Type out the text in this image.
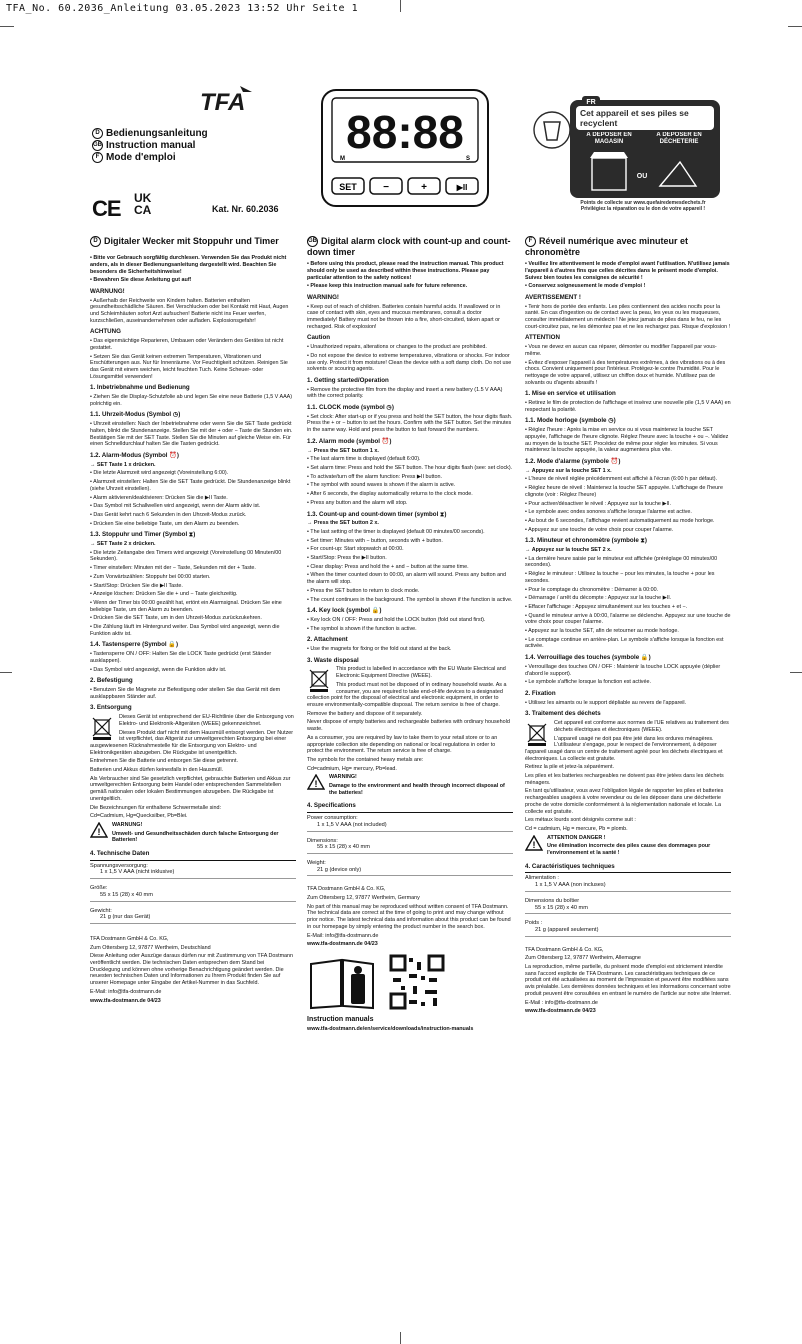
TFA_No. 60.2036_Anleitung 03.05.2023 13:52 Uhr Seite 1
TFA
D Bedienungsanleitung
GB Instruction manual
F Mode d'emploi
CE UK
CA	Kat. Nr. 60.2036
88:88
M	S
SET	−	+	▶II
FR
Cet appareil et ses piles se recyclent
À DÉPOSER EN MAGASIN
À DÉPOSER EN DÉCHETERIE
OU
Points de collecte sur www.quefairedemesdechets.fr
Privilégiez la réparation ou le don de votre appareil !
D Digitaler Wecker mit Stoppuhr und Timer

• Bitte vor Gebrauch sorgfältig durchlesen. Verwenden Sie das Produkt nicht anders, als in dieser Bedienungsanleitung dargestellt wird. Beachten Sie besonders die Sicherheitshinweise!

• Bewahren Sie diese Anleitung gut auf!

WARNUNG!

• Außerhalb der Reichweite von Kindern halten. Batterien enthalten gesundheitsschädliche Säuren. Bei Verschlucken oder bei Kontakt mit Haut, Augen und Schleimhäuten sofort Arzt aufsuchen! Batterie nicht ins Feuer werfen, kurzschließen, auseinandernehmen oder aufladen. Explosionsgefahr!

ACHTUNG

• Das eigenmächtige Reparieren, Umbauen oder Verändern des Gerätes ist nicht gestattet.

• Setzen Sie das Gerät keinen extremen Temperaturen, Vibrationen und Erschütterungen aus. Nur für Innenräume. Vor Feuchtigkeit schützen. Reinigen Sie das Gerät mit einem weichen, leicht feuchten Tuch. Keine Scheuer- oder Lösungsmittel verwenden!

1. Inbetriebnahme und Bedienung

• Ziehen Sie die Display-Schutzfolie ab und legen Sie eine neue Batterie (1,5 V AAA) polrichtig ein.

1.1. Uhrzeit-Modus (Symbol ◷)

• Uhrzeit einstellen: Nach der Inbetriebnahme oder wenn Sie die SET Taste gedrückt halten, blinkt die Stundenanzeige. Stellen Sie mit der + oder − Taste die Stunden ein. Bestätigen Sie mit der SET Taste. Stellen Sie die Minuten auf gleiche Weise ein. Für einen Schnelldurchlauf halten Sie die Tasten gedrückt.

1.2. Alarm-Modus (Symbol ⏰)

→ SET Taste 1 x drücken.

• Die letzte Alarmzeit wird angezeigt (Voreinstellung 6:00).

• Alarmzeit einstellen: Halten Sie die SET Taste gedrückt. Die Stundenanzeige blinkt (siehe Uhrzeit einstellen).

• Alarm aktivieren/deaktivieren: Drücken Sie die ▶II Taste.

• Das Symbol mit Schallwellen wird angezeigt, wenn der Alarm aktiv ist.

• Das Gerät kehrt nach 6 Sekunden in den Uhrzeit-Modus zurück.

• Drücken Sie eine beliebige Taste, um den Alarm zu beenden.

1.3. Stoppuhr und Timer (Symbol ⧗)

→ SET Taste 2 x drücken.

• Die letzte Zeitangabe des Timers wird angezeigt (Voreinstellung 00 Minuten/00 Sekunden).

• Timer einstellen: Minuten mit der − Taste, Sekunden mit der + Taste.

• Zum Vorwärtszählen: Stoppuhr bei 00:00 starten.

• Start/Stop: Drücken Sie die ▶II Taste.

• Anzeige löschen: Drücken Sie die + und − Taste gleichzeitig.

• Wenn der Timer bis 00:00 gezählt hat, ertönt ein Alarmsignal. Drücken Sie eine beliebige Taste, um den Alarm zu beenden.

• Drücken Sie die SET Taste, um in den Uhrzeit-Modus zurückzukehren.

• Die Zählung läuft im Hintergrund weiter. Das Symbol wird angezeigt, wenn die Funktion aktiv ist.

1.4. Tastensperre (Symbol 🔒)

• Tastensperre ON / OFF: Halten Sie die LOCK Taste gedrückt (erst Ständer ausklappen).

• Das Symbol wird angezeigt, wenn die Funktion aktiv ist.

2. Befestigung

• Benutzen Sie die Magnete zur Befestigung oder stellen Sie das Gerät mit dem ausklappbaren Ständer auf.

3. Entsorgung

Dieses Gerät ist entsprechend der EU-Richtlinie über die Entsorgung von Elektro- und Elektronik-Altgeräten (WEEE) gekennzeichnet.

Dieses Produkt darf nicht mit dem Hausmüll entsorgt werden. Der Nutzer ist verpflichtet, das Altgerät zur umweltgerechten Entsorgung bei einer ausgewiesenen Rücknahmestelle für die Entsorgung von Elektro- und Elektronikgeräten abzugeben. Die Rückgabe ist unentgeltlich.

Entnehmen Sie die Batterie und entsorgen Sie diese getrennt.

Batterien und Akkus dürfen keinesfalls in den Hausmüll.

Als Verbraucher sind Sie gesetzlich verpflichtet, gebrauchte Batterien und Akkus zur umweltgerechten Entsorgung beim Handel oder entsprechenden Sammelstellen gemäß nationalen oder lokalen Bestimmungen abzugeben. Die Rückgabe ist unentgeltlich.

Die Bezeichnungen für enthaltene Schwermetalle sind:

Cd=Cadmium, Hg=Quecksilber, Pb=Blei.

!

WARNUNG!

Umwelt- und Gesundheitsschäden durch falsche Entsorgung der Batterien!

4. Technische Daten
Spannungsversorgung:
1 x 1,5 V AAA (nicht inklusive)
Größe:
55 x 15 (28) x 40 mm
Gewicht:
21 g (nur das Gerät)

TFA Dostmann GmbH & Co. KG,

Zum Ottersberg 12, 97877 Wertheim, Deutschland

Diese Anleitung oder Auszüge daraus dürfen nur mit Zustimmung von TFA Dostmann veröffentlicht werden. Die technischen Daten entsprechen dem Stand bei Drucklegung und können ohne vorherige Benachrichtigung geändert werden. Die neuesten technischen Daten und Informationen zu Ihrem Produkt finden Sie auf unserer Homepage unter Eingabe der Artikel-Nummer in das Suchfeld.

E-Mail: info@tfa-dostmann.de

www.tfa-dostmann.de 04/23

GB Digital alarm clock with count-up and count-down timer

• Before using this product, please read the instruction manual. This product should only be used as described within these instructions. Please pay particular attention to the safety notices!

• Please keep this instruction manual safe for future reference.

WARNING!

• Keep out of reach of children. Batteries contain harmful acids. If swallowed or in case of contact with skin, eyes and mucous membranes, consult a doctor immediately! Battery must not be thrown into a fire, short-circuited, taken apart or recharged. Risk of explosion!

Caution

• Unauthorized repairs, alterations or changes to the product are prohibited.

• Do not expose the device to extreme temperatures, vibrations or shocks. For indoor use only. Protect it from moisture! Clean the device with a soft damp cloth. Do not use solvents or scouring agents.

1. Getting started/Operation

• Remove the protective film from the display and insert a new battery (1.5 V AAA) with the correct polarity.

1.1. CLOCK mode (symbol ◷)

• Set clock: After start-up or if you press and hold the SET button, the hour digits flash. Press the + or − button to set the hours. Confirm with the SET button. Set the minutes in the same way. Hold and press the button to fast forward the numbers.

1.2. Alarm mode (symbol ⏰)

→ Press the SET button 1 x.

• The last alarm time is displayed (default 6:00).

• Set alarm time: Press and hold the SET button. The hour digits flash (see: set clock).

• To activate/turn off the alarm function: Press ▶II button.

• The symbol with sound waves is shown if the alarm is active.

• After 6 seconds, the display automatically returns to the clock mode.

• Press any button and the alarm will stop.

1.3. Count-up and count-down timer (symbol ⧗)

→ Press the SET button 2 x.

• The last setting of the timer is displayed (default 00 minutes/00 seconds).

• Set timer: Minutes with − button, seconds with + button.

• For count-up: Start stopwatch at 00:00.

• Start/Stop: Press the ▶II button.

• Clear display: Press and hold the + and − button at the same time.

• When the timer counted down to 00:00, an alarm will sound. Press any button and the alarm will stop.

• Press the SET button to return to clock mode.

• The count continues in the background. The symbol is shown if the function is active.

1.4. Key lock (symbol 🔒)

• Key lock ON / OFF: Press and hold the LOCK button (fold out stand first).

• The symbol is shown if the function is active.

2. Attachment

• Use the magnets for fixing or the fold out stand at the back.

3. Waste disposal

This product is labelled in accordance with the EU Waste Electrical and Electronic Equipment Directive (WEEE).

This product must not be disposed of in ordinary household waste. As a consumer, you are required to take end-of-life devices to a designated collection point for the disposal of electrical and electronic equipment, in order to ensure environmentally-compatible disposal. The return service is free of charge.

Remove the battery and dispose of it separately.

Never dispose of empty batteries and rechargeable batteries with ordinary household waste.

As a consumer, you are required by law to take them to your retail store or to an appropriate collection site depending on national or local regulations in order to protect the environment. The return service is free of charge.

The symbols for the contained heavy metals are:

Cd=cadmium, Hg= mercury, Pb=lead.

!

WARNING!

Damage to the environment and health through incorrect disposal of the batteries!

4. Specifications
Power consumption:
1 x 1,5 V AAA (not included)
Dimensions:
55 x 15 (28) x 40 mm
Weight:
21 g (device only)

TFA Dostmann GmbH & Co. KG,

Zum Ottersberg 12, 97877 Wertheim, Germany

No part of this manual may be reproduced without written consent of TFA Dostmann. The technical data are correct at the time of going to print and may change without prior notice. The latest technical data and information about this product can be found in our homepage by simply entering the product number in the search box.

E-Mail: info@tfa-dostmann.de

www.tfa-dostmann.de 04/23

Instruction manuals

www.tfa-dostmann.de/en/service/downloads/instruction-manuals

F Réveil numérique avec minuteur et chronomètre

• Veuillez lire attentivement le mode d'emploi avant l'utilisation. N'utilisez jamais l'appareil à d'autres fins que celles décrites dans le présent mode d'emploi. Suivez bien toutes les consignes de sécurité !

• Conservez soigneusement le mode d'emploi !

AVERTISSEMENT !

• Tenir hors de portée des enfants. Les piles contiennent des acides nocifs pour la santé. En cas d'ingestion ou de contact avec la peau, les yeux ou les muqueuses, consulter immédiatement un médecin ! Ne jetez jamais de piles dans le feu, ne les court-circuitez pas, ne les démontez pas et ne les rechargez pas. Risque d'explosion !

ATTENTION

• Vous ne devez en aucun cas réparer, démonter ou modifier l'appareil par vous-même.

• Évitez d'exposer l'appareil à des températures extrêmes, à des vibrations ou à des chocs. Convient uniquement pour l'intérieur. Protégez-le contre l'humidité. Pour le nettoyage de votre appareil, utilisez un chiffon doux et humide. N'utilisez pas de solvants ou d'agents abrasifs !

1. Mise en service et utilisation

• Retirez le film de protection de l'affichage et insérez une nouvelle pile (1,5 V AAA) en respectant la polarité.

1.1. Mode horloge (symbole ◷)

• Réglez l'heure : Après la mise en service ou si vous maintenez la touche SET appuyée, l'affichage de l'heure clignote. Réglez l'heure avec la touche + ou −. Validez au moyen de la touche SET. Procédez de même pour régler les minutes. Si vous maintenez la touche appuyée, la valeur augmentera plus vite.

1.2. Mode d'alarme (symbole ⏰)

→ Appuyez sur la touche SET 1 x.

• L'heure de réveil réglée précédemment est affiché à l'écran (6:00 h par défaut).

• Réglez heure de réveil : Maintenez la touche SET appuyée. L'affichage de l'heure clignote (voir : Réglez l'heure)

• Pour activer/désactiver le réveil : Appuyez sur la touche ▶II.

• Le symbole avec ondes sonores s'affiche lorsque l'alarme est active.

• Au bout de 6 secondes, l'affichage revient automatiquement au mode horloge.

• Appuyez sur une touche de votre choix pour couper l'alarme.

1.3. Minuteur et chronomètre (symbole ⧗)

→ Appuyez sur la touche SET 2 x.

• La dernière heure saisie par le minuteur est affichée (préréglage 00 minutes/00 secondes).

• Réglez le minuteur : Utilisez la touche − pour les minutes, la touche + pour les secondes.

• Pour le comptage du chronomètre : Démarrer à 00:00.

• Démarrage / arrêt du décompte : Appuyez sur la touche ▶II.

• Effacer l'affichage : Appuyez simultanément sur les touches + et −.

• Quand le minuteur arrive à 00:00, l'alarme se déclenche. Appuyez sur une touche de votre choix pour couper l'alarme.

• Appuyez sur la touche SET, afin de retourner au mode horloge.

• Le comptage continue en arrière-plan. Le symbole s'affiche lorsque la fonction est activée.

1.4. Verrouillage des touches (symbole 🔒)

• Verrouillage des touches ON / OFF : Maintenir la touche LOCK appuyée (déplier d'abord le support).

• Le symbole s'affiche lorsque la fonction est activée.

2. Fixation

• Utilisez les aimants ou le support dépliable au revers de l'appareil.

3. Traitement des déchets

Cet appareil est conforme aux normes de l'UE relatives au traitement des déchets électriques et électroniques (WEEE).

L'appareil usagé ne doit pas être jeté dans les ordures ménagères. L'utilisateur s'engage, pour le respect de l'environnement, à déposer l'appareil usagé dans un centre de traitement agréé pour les déchets électriques et électroniques. La collecte est gratuite.

Retirez la pile et jetez-la séparément.

Les piles et les batteries rechargeables ne doivent pas être jetées dans les déchets ménagers.

En tant qu'utilisateur, vous avez l'obligation légale de rapporter les piles et batteries rechargeables usagées à votre revendeur ou de les déposer dans une déchetterie proche de votre domicile conformément à la réglementation nationale et locale. La collecte est gratuite.

Les métaux lourds sont désignés comme suit :

Cd = cadmium, Hg = mercure, Pb = plomb.

!

ATTENTION DANGER !

Une élimination incorrecte des piles cause des dommages pour l'environnement et la santé !

4. Caractéristiques techniques
Alimentation :
1 x 1,5 V AAA (non incluses)
Dimensions du boîtier
55 x 15 (28) x 40 mm
Poids :
21 g (appareil seulement)

TFA Dostmann GmbH & Co. KG,

Zum Ottersberg 12, 97877 Wertheim, Allemagne

La reproduction, même partielle, du présent mode d'emploi est strictement interdite sans l'accord explicite de TFA Dostmann. Les caractéristiques techniques de ce produit ont été actualisées au moment de l'impression et peuvent être modifiées sans avis préalable. Les dernières données techniques et les informations concernant votre produit peuvent être consultées en entrant le numéro de l'article sur notre site Internet.

E-Mail : info@tfa-dostmann.de

www.tfa-dostmann.de 04/23
